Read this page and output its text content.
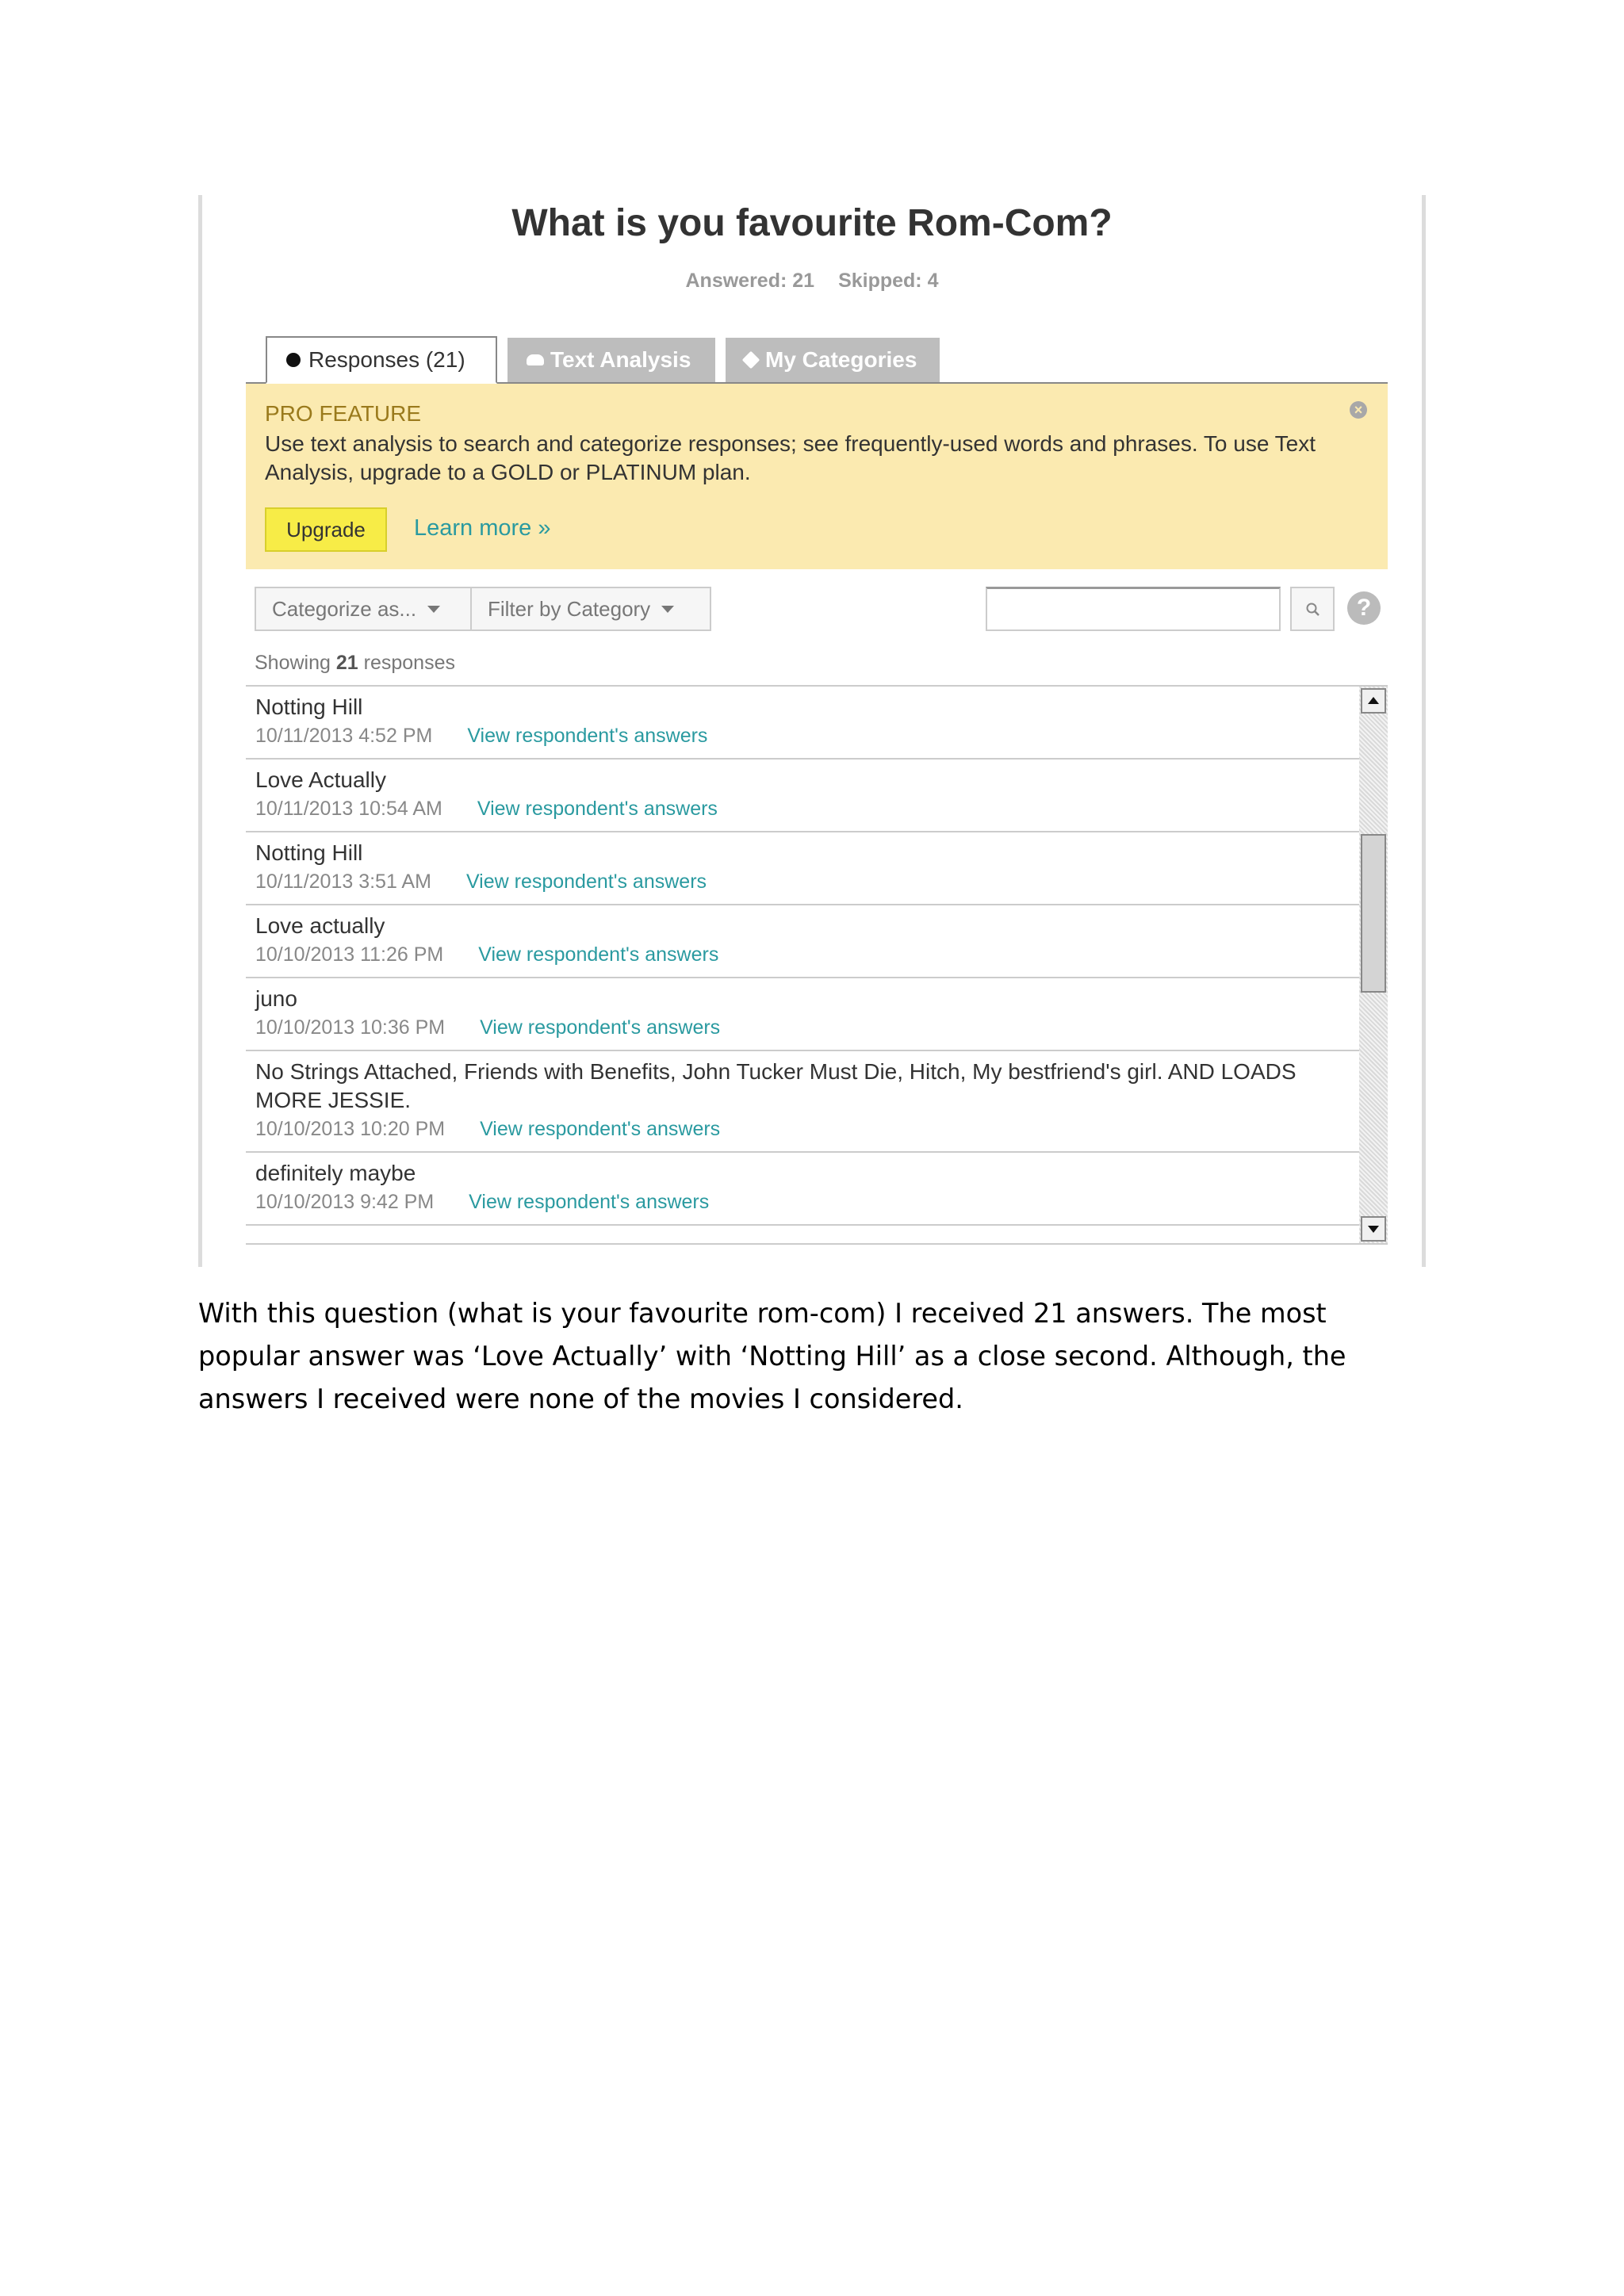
What is you favourite Rom-Com?
Answered: 21 Skipped: 4
Responses (21)	Text Analysis	My Categories
PRO FEATURE	×
Use text analysis to search and categorize responses; see frequently-used words and phrases. To use Text Analysis, upgrade to a GOLD or PLATINUM plan.
Upgrade	Learn more »
Categorize as...	Filter by Category	?
Showing 21 responses
Notting Hill
10/11/2013 4:52 PM View respondent's answers
Love Actually
10/11/2013 10:54 AM View respondent's answers
Notting Hill
10/11/2013 3:51 AM View respondent's answers
Love actually
10/10/2013 11:26 PM View respondent's answers
juno
10/10/2013 10:36 PM View respondent's answers
No Strings Attached, Friends with Benefits, John Tucker Must Die, Hitch, My bestfriend's girl. AND LOADS MORE JESSIE.
10/10/2013 10:20 PM View respondent's answers
definitely maybe
10/10/2013 9:42 PM View respondent's answers

With this question (what is your favourite rom-com) I received 21 answers. The most popular answer was ‘Love Actually’ with ‘Notting Hill’ as a close second. Although, the answers I received were none of the movies I considered.
